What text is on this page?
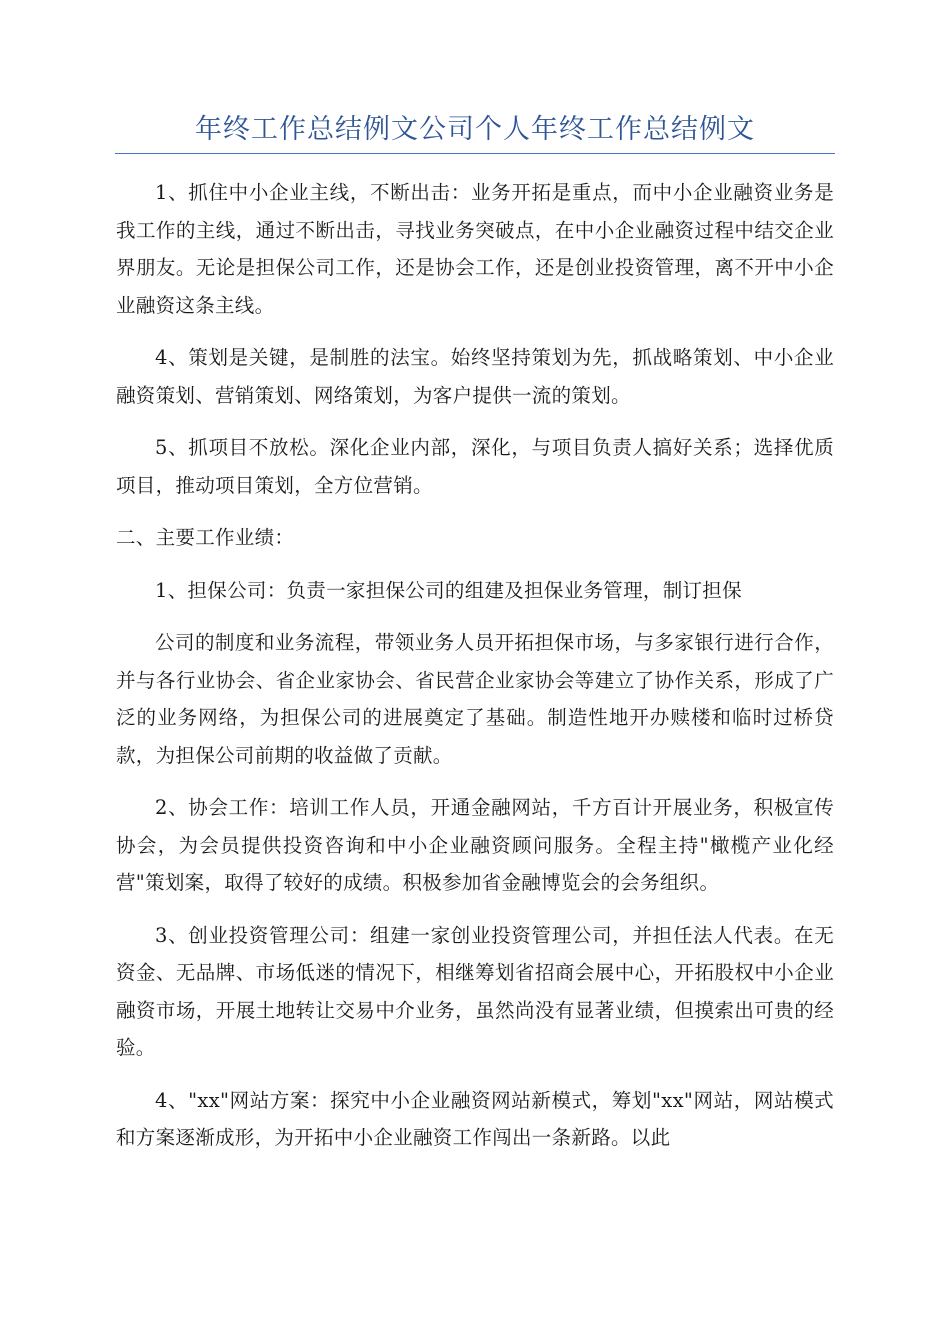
年终工作总结例文公司个人年终工作总结例文

1、抓住中小企业主线，不断出击：业务开拓是重点，而中小企业融资业务是我工作的主线，通过不断出击，寻找业务突破点，在中小企业融资过程中结交企业界朋友。无论是担保公司工作，还是协会工作，还是创业投资管理，离不开中小企业融资这条主线。

4、策划是关键，是制胜的法宝。始终坚持策划为先，抓战略策划、中小企业融资策划、营销策划、网络策划，为客户提供一流的策划。

5、抓项目不放松。深化企业内部，深化，与项目负责人搞好关系；选择优质项目，推动项目策划，全方位营销。

二、主要工作业绩：

1、担保公司：负责一家担保公司的组建及担保业务管理，制订担保

公司的制度和业务流程，带领业务人员开拓担保市场，与多家银行进行合作，并与各行业协会、省企业家协会、省民营企业家协会等建立了协作关系，形成了广泛的业务网络，为担保公司的进展奠定了基础。制造性地开办赎楼和临时过桥贷款，为担保公司前期的收益做了贡献。

2、协会工作：培训工作人员，开通金融网站，千方百计开展业务，积极宣传协会，为会员提供投资咨询和中小企业融资顾问服务。全程主持"橄榄产业化经营"策划案，取得了较好的成绩。积极参加省金融博览会的会务组织。

3、创业投资管理公司：组建一家创业投资管理公司，并担任法人代表。在无资金、无品牌、市场低迷的情况下，相继筹划省招商会展中心，开拓股权中小企业融资市场，开展土地转让交易中介业务，虽然尚没有显著业绩，但摸索出可贵的经验。

4、"xx"网站方案：探究中小企业融资网站新模式，筹划"xx"网站，网站模式和方案逐渐成形，为开拓中小企业融资工作闯出一条新路。以此
